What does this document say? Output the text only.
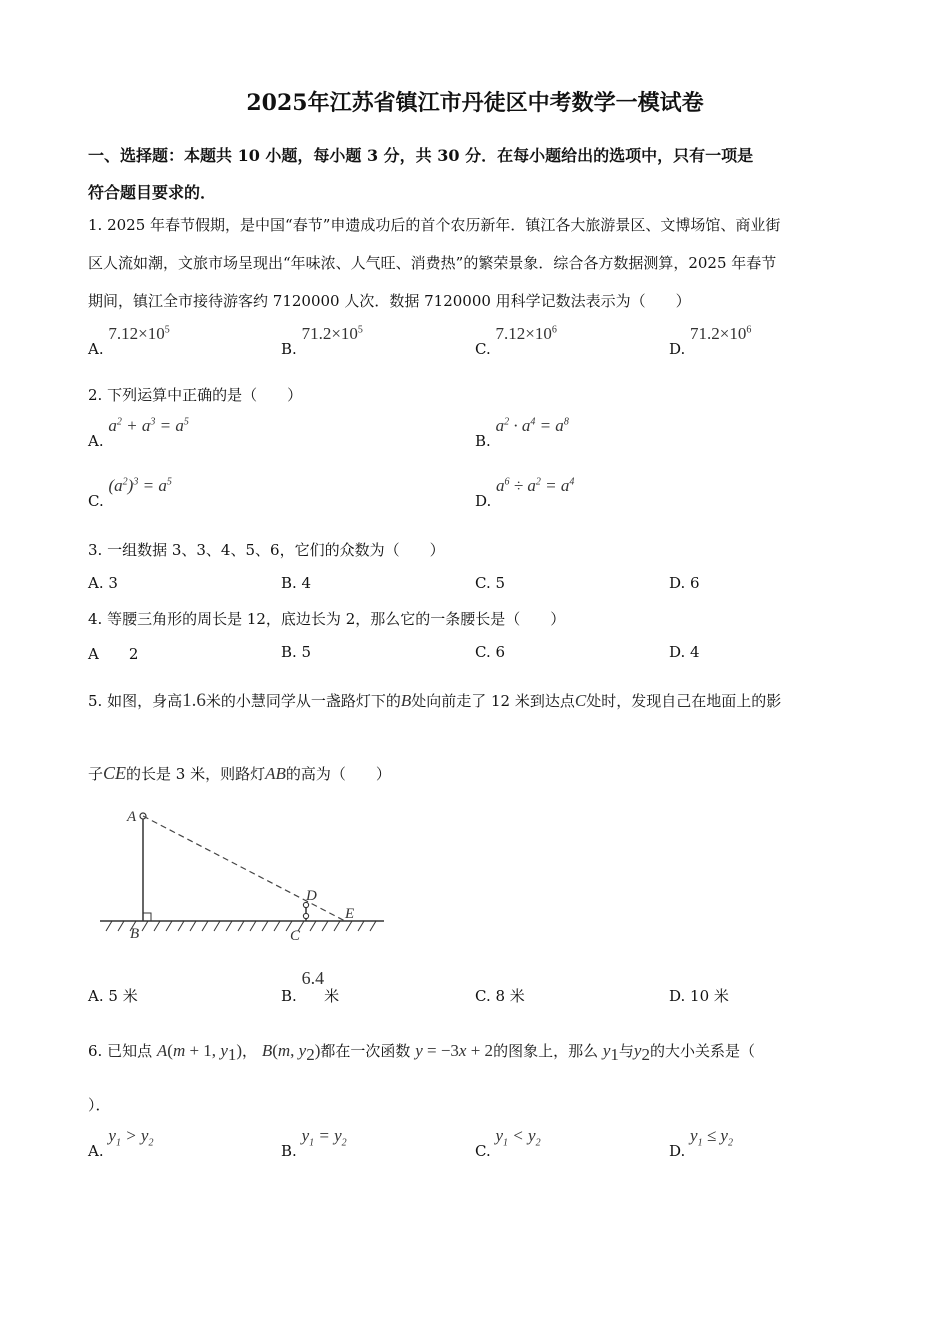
2025年江苏省镇江市丹徒区中考数学一模试卷
一、选择题：本题共 10 小题，每小题 3 分，共 30 分．在每小题给出的选项中，只有一项是
符合题目要求的．
1. 2025 年春节假期，是中国“春节”申遗成功后的首个农历新年．镇江各大旅游景区、文博场馆、商业街
区人流如潮，文旅市场呈现出“年味浓、人气旺、消费热”的繁荣景象．综合各方数据测算，2025 年春节
期间，镇江全市接待游客约 7120000 人次．数据 7120000 用科学记数法表示为（　　）
A. $7.12\times 10^5$
B. $71.2\times 10^5$
C. $7.12\times 10^6$
D. $71.2\times 10^6$
2. 下列运算中正确的是（　　）
A. $a^2 + a^3 = a^5$
B. $a^2 \cdot a^4 = a^8$
C. $(a^2)^3 = a^5$
D. $a^6 \div a^2 = a^4$
3. 一组数据 3、3、4、5、6，它们的众数为（　　）
A. 3	B. 4	C. 5	D. 6
4. 等腰三角形的周长是 12，底边长为 2，那么它的一条腰长是（　　）
A　　2	B. 5	C. 6	D. 4
5. 如图，身高1.6米的小慧同学从一盏路灯下的B处向前走了 12 米到达点C处时，发现自己在地面上的影
子CE的长是 3 米，则路灯AB的高为（　　）
A
B	C
D
E
A. 5 米	B. 6.4米	C. 8 米	D. 10 米
6. 已知点 A(m + 1, $y_1$)， B(m, $y_2$)都在一次函数 y = −3x + 2的图象上，那么 $y_1$与$y_2$的大小关系是（
）．
A. $y_1 > y_2$	B. $y_1 = y_2$	C. $y_1 < y_2$	D. $y_1 \le y_2$
